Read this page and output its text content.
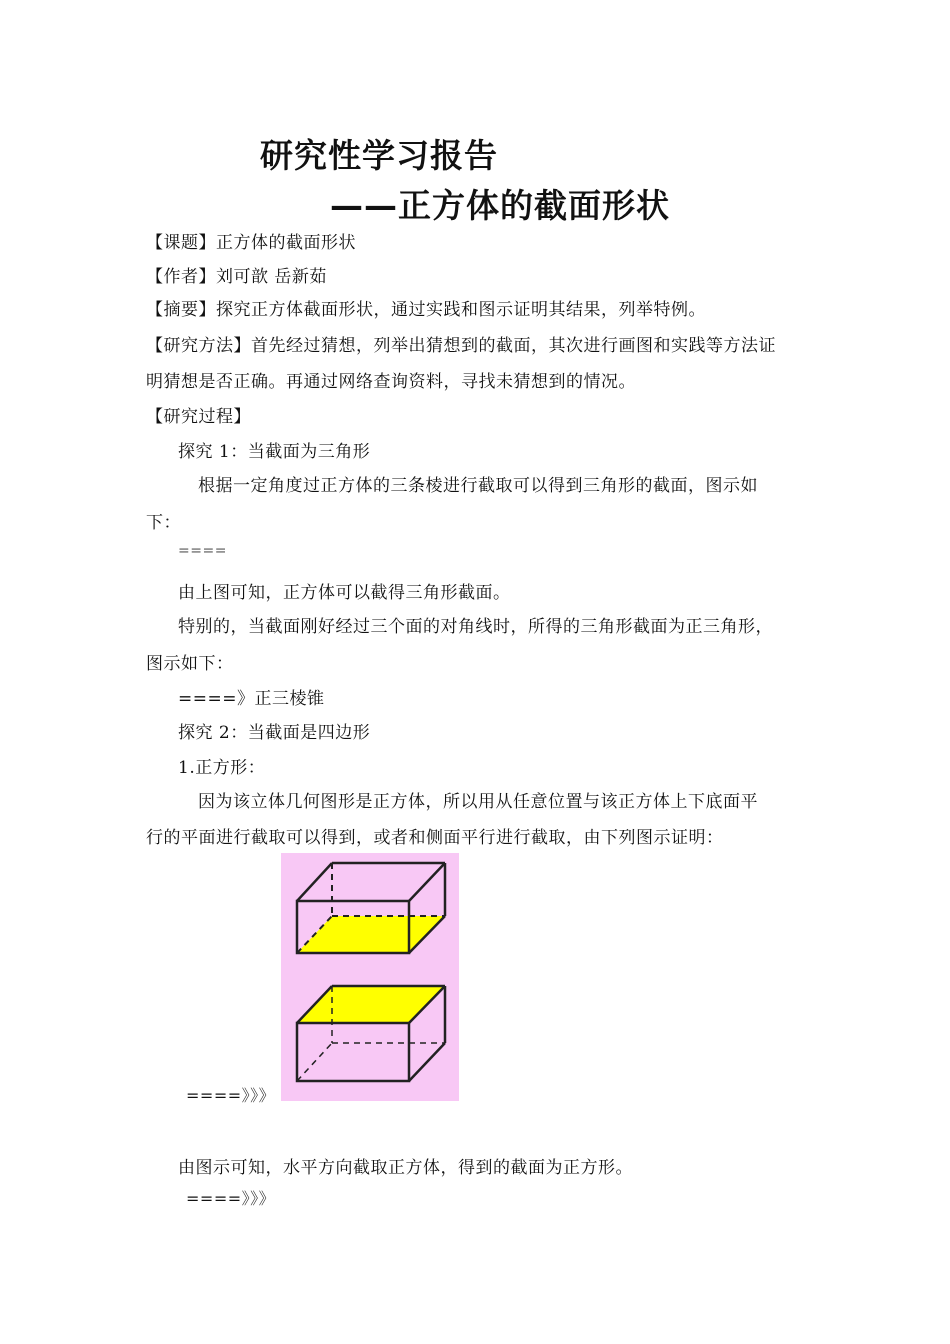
研究性学习报告
——正方体的截面形状
【课题】正方体的截面形状
【作者】刘可歆 岳新茹
【摘要】探究正方体截面形状，通过实践和图示证明其结果，列举特例。
【研究方法】首先经过猜想，列举出猜想到的截面，其次进行画图和实践等方法证
明猜想是否正确。再通过网络查询资料，寻找未猜想到的情况。
【研究过程】
探究 1：当截面为三角形
根据一定角度过正方体的三条棱进行截取可以得到三角形的截面，图示如
下：
====
由上图可知，正方体可以截得三角形截面。
特别的，当截面刚好经过三个面的对角线时，所得的三角形截面为正三角形，
图示如下：
====》正三棱锥
探究 2：当截面是四边形
1.正方形：
因为该立体几何图形是正方体，所以用从任意位置与该正方体上下底面平
行的平面进行截取可以得到，或者和侧面平行进行截取，由下列图示证明：
====》》》
由图示可知，水平方向截取正方体，得到的截面为正方形。
====》》》
